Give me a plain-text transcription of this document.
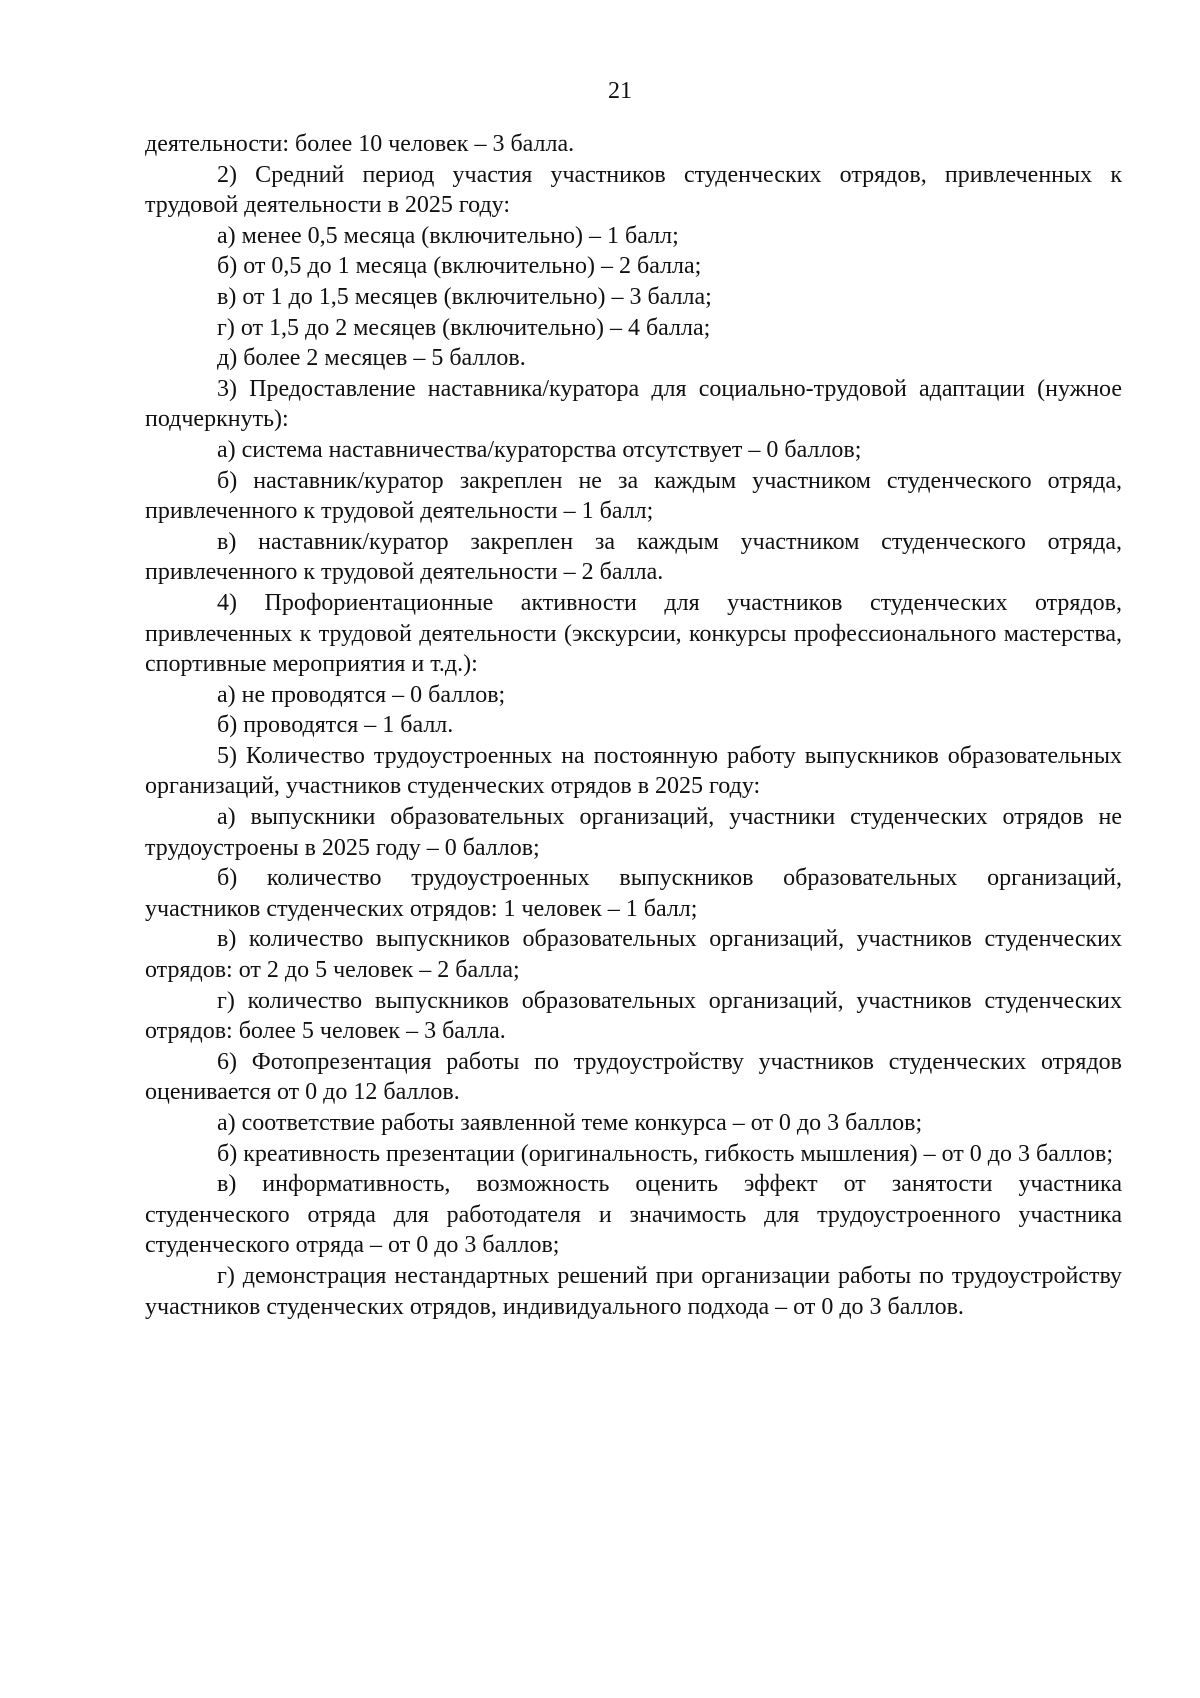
21

деятельности: более 10 человек – 3 балла.

2) Средний период участия участников студенческих отрядов, привлеченных к трудовой деятельности в 2025 году:

а) менее 0,5 месяца (включительно) – 1 балл;

б) от 0,5 до 1 месяца (включительно) – 2 балла;

в) от 1 до 1,5 месяцев (включительно) – 3 балла;

г) от 1,5 до 2 месяцев (включительно) – 4 балла;

д) более 2 месяцев – 5 баллов.

3) Предоставление наставника/куратора для социально-трудовой адаптации (нужное подчеркнуть):

а) система наставничества/кураторства отсутствует – 0 баллов;

б) наставник/куратор закреплен не за каждым участником студенческого отряда, привлеченного к трудовой деятельности – 1 балл;

в) наставник/куратор закреплен за каждым участником студенческого отряда, привлеченного к трудовой деятельности – 2 балла.

4) Профориентационные активности для участников студенческих отрядов, привлеченных к трудовой деятельности (экскурсии, конкурсы профессионального мастерства, спортивные мероприятия и т.д.):

а) не проводятся – 0 баллов;

б) проводятся – 1 балл.

5) Количество трудоустроенных на постоянную работу выпускников образовательных организаций, участников студенческих отрядов в 2025 году:

а) выпускники образовательных организаций, участники студенческих отрядов не трудоустроены в 2025 году – 0 баллов;

б) количество трудоустроенных выпускников образовательных организаций, участников студенческих отрядов: 1 человек – 1 балл;

в) количество выпускников образовательных организаций, участников студенческих отрядов: от 2 до 5 человек – 2 балла;

г) количество выпускников образовательных организаций, участников студенческих отрядов: более 5 человек – 3 балла.

6) Фотопрезентация работы по трудоустройству участников студенческих отрядов оценивается от 0 до 12 баллов.

а) соответствие работы заявленной теме конкурса – от 0 до 3 баллов;

б) креативность презентации (оригинальность, гибкость мышления) – от 0 до 3 баллов;

в) информативность, возможность оценить эффект от занятости участника студенческого отряда для работодателя и значимость для трудоустроенного участника студенческого отряда – от 0 до 3 баллов;

г) демонстрация нестандартных решений при организации работы по трудоустройству участников студенческих отрядов, индивидуального подхода – от 0 до 3 баллов.
